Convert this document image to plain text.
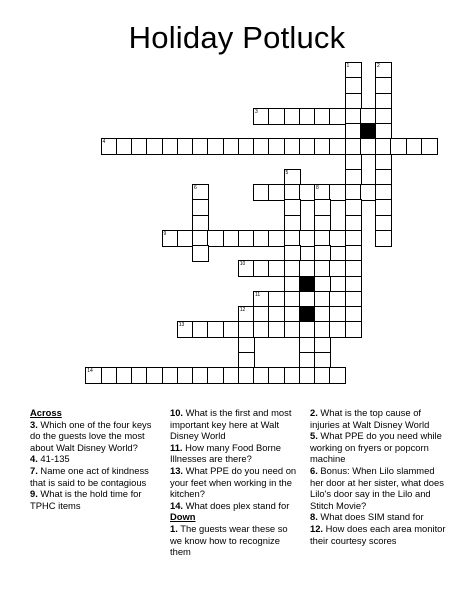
Holiday Potluck
1	2
3
4
5
6	8
9
10
11
12
13
14
Across
3. Which one of the four keys do the guests love the most about Walt Disney World?
4. 41-135
7. Name one act of kindness that is said to be contagious
9. What is the hold time for TPHC items
10. What is the first and most important key here at Walt Disney World
11. How many Food Borne Illnesses are there?
13. What PPE do you need on your feet when working in the kitchen?
14. What does plex stand for
Down
1. The guests wear these so we know how to recognize them
2. What is the top cause of injuries at Walt Disney World
5. What PPE do you need while working on fryers or popcorn machine
6. Bonus: When Lilo slammed her door at her sister, what does Lilo's door say in the Lilo and Stitch Movie?
8. What does SIM stand for
12. How does each area monitor their courtesy scores
